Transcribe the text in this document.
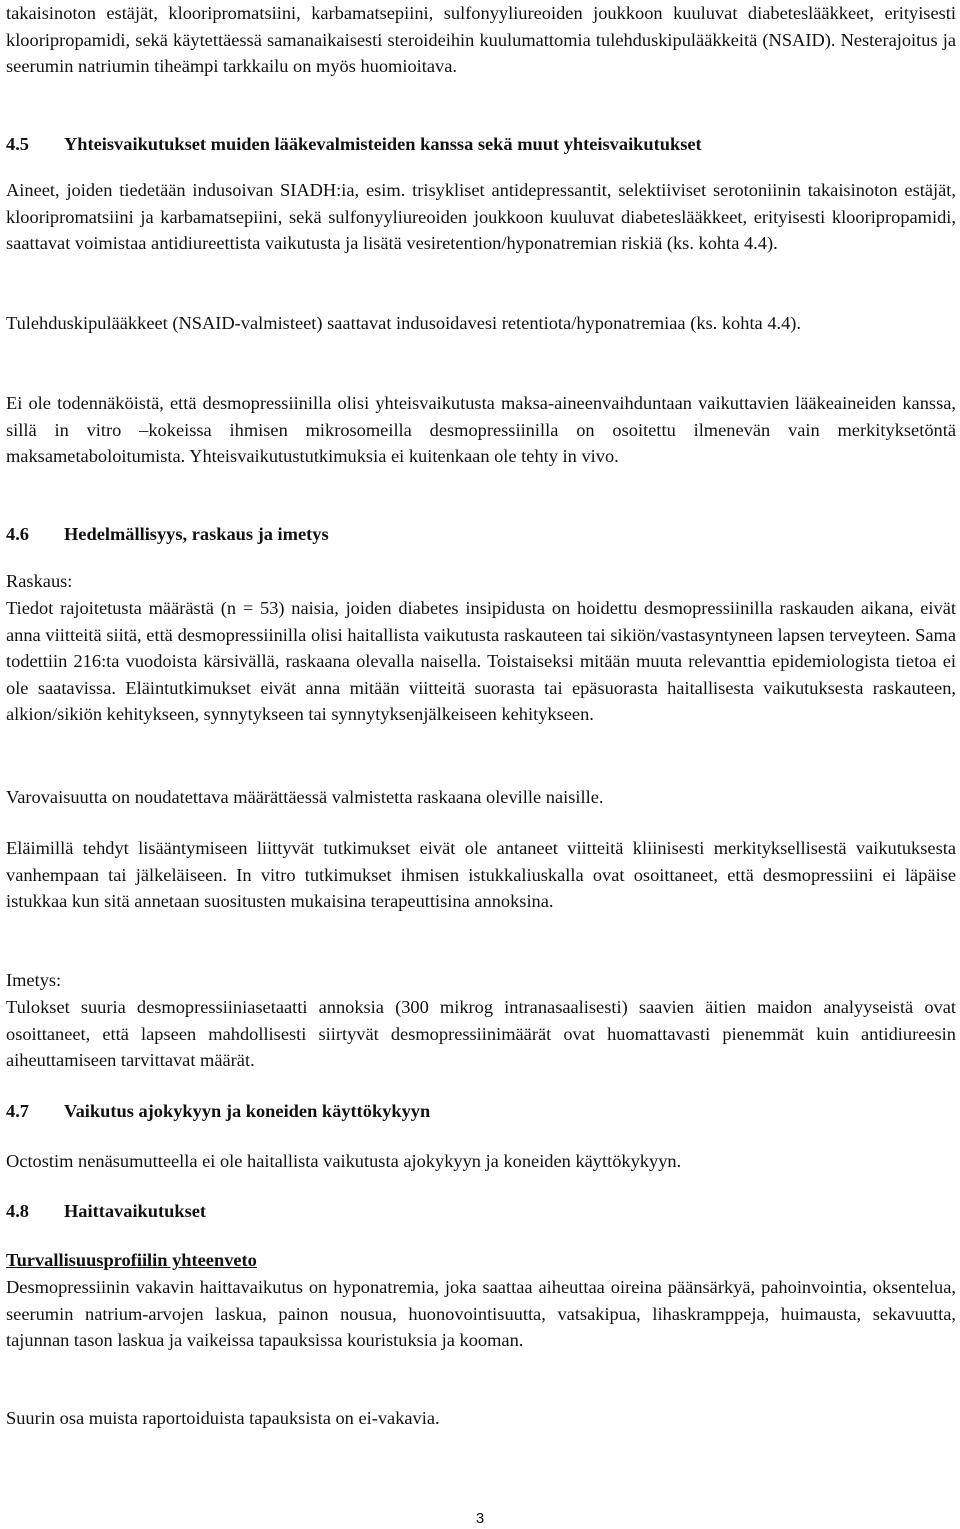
takaisinoton estäjät, klooripromatsiini, karbamatsepiini, sulfonyyliureoiden joukkoon kuuluvat diabeteslääkkeet, erityisesti klooripropamidi, sekä käytettäessä samanaikaisesti steroideihin kuulumattomia tulehduskipulääkkeitä (NSAID). Nesterajoitus ja seerumin natriumin tiheämpi tarkkailu on myös huomioitava.

4.5 Yhteisvaikutukset muiden lääkevalmisteiden kanssa sekä muut yhteisvaikutukset

Aineet, joiden tiedetään indusoivan SIADH:ia, esim. trisykliset antidepressantit, selektiiviset serotoniinin takaisinoton estäjät, klooripromatsiini ja karbamatsepiini, sekä sulfonyyliureoiden joukkoon kuuluvat diabeteslääkkeet, erityisesti klooripropamidi, saattavat voimistaa antidiureettista vaikutusta ja lisätä vesiretention/hyponatremian riskiä (ks. kohta 4.4).

Tulehduskipulääkkeet (NSAID-valmisteet) saattavat indusoidavesi retentiota/hyponatremiaa (ks. kohta 4.4).

Ei ole todennäköistä, että desmopressiinilla olisi yhteisvaikutusta maksa-aineenvaihduntaan vaikuttavien lääkeaineiden kanssa, sillä in vitro –kokeissa ihmisen mikrosomeilla desmopressiinilla on osoitettu ilmenevän vain merkityksetöntä maksametaboloitumista. Yhteisvaikutustutkimuksia ei kuitenkaan ole tehty in vivo.

4.6 Hedelmällisyys, raskaus ja imetys

Raskaus:

Tiedot rajoitetusta määrästä (n = 53) naisia, joiden diabetes insipidusta on hoidettu desmopressiinilla raskauden aikana, eivät anna viitteitä siitä, että desmopressiinilla olisi haitallista vaikutusta raskauteen tai sikiön/vastasyntyneen lapsen terveyteen. Sama todettiin 216:ta vuodoista kärsivällä, raskaana olevalla naisella. Toistaiseksi mitään muuta relevanttia epidemiologista tietoa ei ole saatavissa. Eläintutkimukset eivät anna mitään viitteitä suorasta tai epäsuorasta haitallisesta vaikutuksesta raskauteen, alkion/sikiön kehitykseen, synnytykseen tai synnytyksenjälkeiseen kehitykseen.

Varovaisuutta on noudatettava määrättäessä valmistetta raskaana oleville naisille.

Eläimillä tehdyt lisääntymiseen liittyvät tutkimukset eivät ole antaneet viitteitä kliinisesti merkityksellisestä vaikutuksesta vanhempaan tai jälkeläiseen. In vitro tutkimukset ihmisen istukkaliuskalla ovat osoittaneet, että desmopressiini ei läpäise istukkaa kun sitä annetaan suositusten mukaisina terapeuttisina annoksina.

Imetys:

Tulokset suuria desmopressiiniasetaatti annoksia (300 mikrog intranasaalisesti) saavien äitien maidon analyyseistä ovat osoittaneet, että lapseen mahdollisesti siirtyvät desmopressiinimäärät ovat huomattavasti pienemmät kuin antidiureesin aiheuttamiseen tarvittavat määrät.

4.7 Vaikutus ajokykyyn ja koneiden käyttökykyyn

Octostim nenäsumutteella ei ole haitallista vaikutusta ajokykyyn ja koneiden käyttökykyyn.

4.8 Haittavaikutukset

Turvallisuusprofiilin yhteenveto

Desmopressiinin vakavin haittavaikutus on hyponatremia, joka saattaa aiheuttaa oireina päänsärkyä, pahoinvointia, oksentelua, seerumin natrium-arvojen laskua, painon nousua, huonovointisuutta, vatsakipua, lihaskramppeja, huimausta, sekavuutta, tajunnan tason laskua ja vaikeissa tapauksissa kouristuksia ja kooman.

Suurin osa muista raportoiduista tapauksista on ei-vakavia.

3
